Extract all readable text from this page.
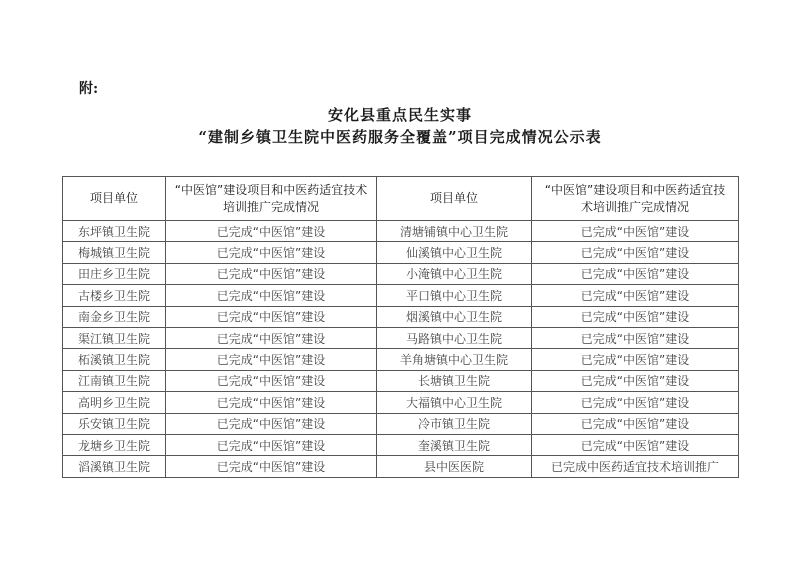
附:
安化县重点民生实事
“建制乡镇卫生院中医药服务全覆盖”项目完成情况公示表
项目单位	“中医馆”建设项目和中医药适宜技术培训推广完成情况	项目单位	“中医馆”建设项目和中医药适宜技术培训推广完成情况

东坪镇卫生院	已完成“中医馆”建设	清塘铺镇中心卫生院	已完成“中医馆”建设
梅城镇卫生院	已完成“中医馆”建设	仙溪镇中心卫生院	已完成“中医馆”建设
田庄乡卫生院	已完成“中医馆”建设	小淹镇中心卫生院	已完成“中医馆”建设
古楼乡卫生院	已完成“中医馆”建设	平口镇中心卫生院	已完成“中医馆”建设
南金乡卫生院	已完成“中医馆”建设	烟溪镇中心卫生院	已完成“中医馆”建设
渠江镇卫生院	已完成“中医馆”建设	马路镇中心卫生院	已完成“中医馆”建设
柘溪镇卫生院	已完成“中医馆”建设	羊角塘镇中心卫生院	已完成“中医馆”建设
江南镇卫生院	已完成“中医馆”建设	长塘镇卫生院	已完成“中医馆”建设
高明乡卫生院	已完成“中医馆”建设	大福镇中心卫生院	已完成“中医馆”建设
乐安镇卫生院	已完成“中医馆”建设	冷市镇卫生院	已完成“中医馆”建设
龙塘乡卫生院	已完成“中医馆”建设	奎溪镇卫生院	已完成“中医馆”建设
滔溪镇卫生院	已完成“中医馆”建设	县中医医院	已完成中医药适宜技术培训推广
